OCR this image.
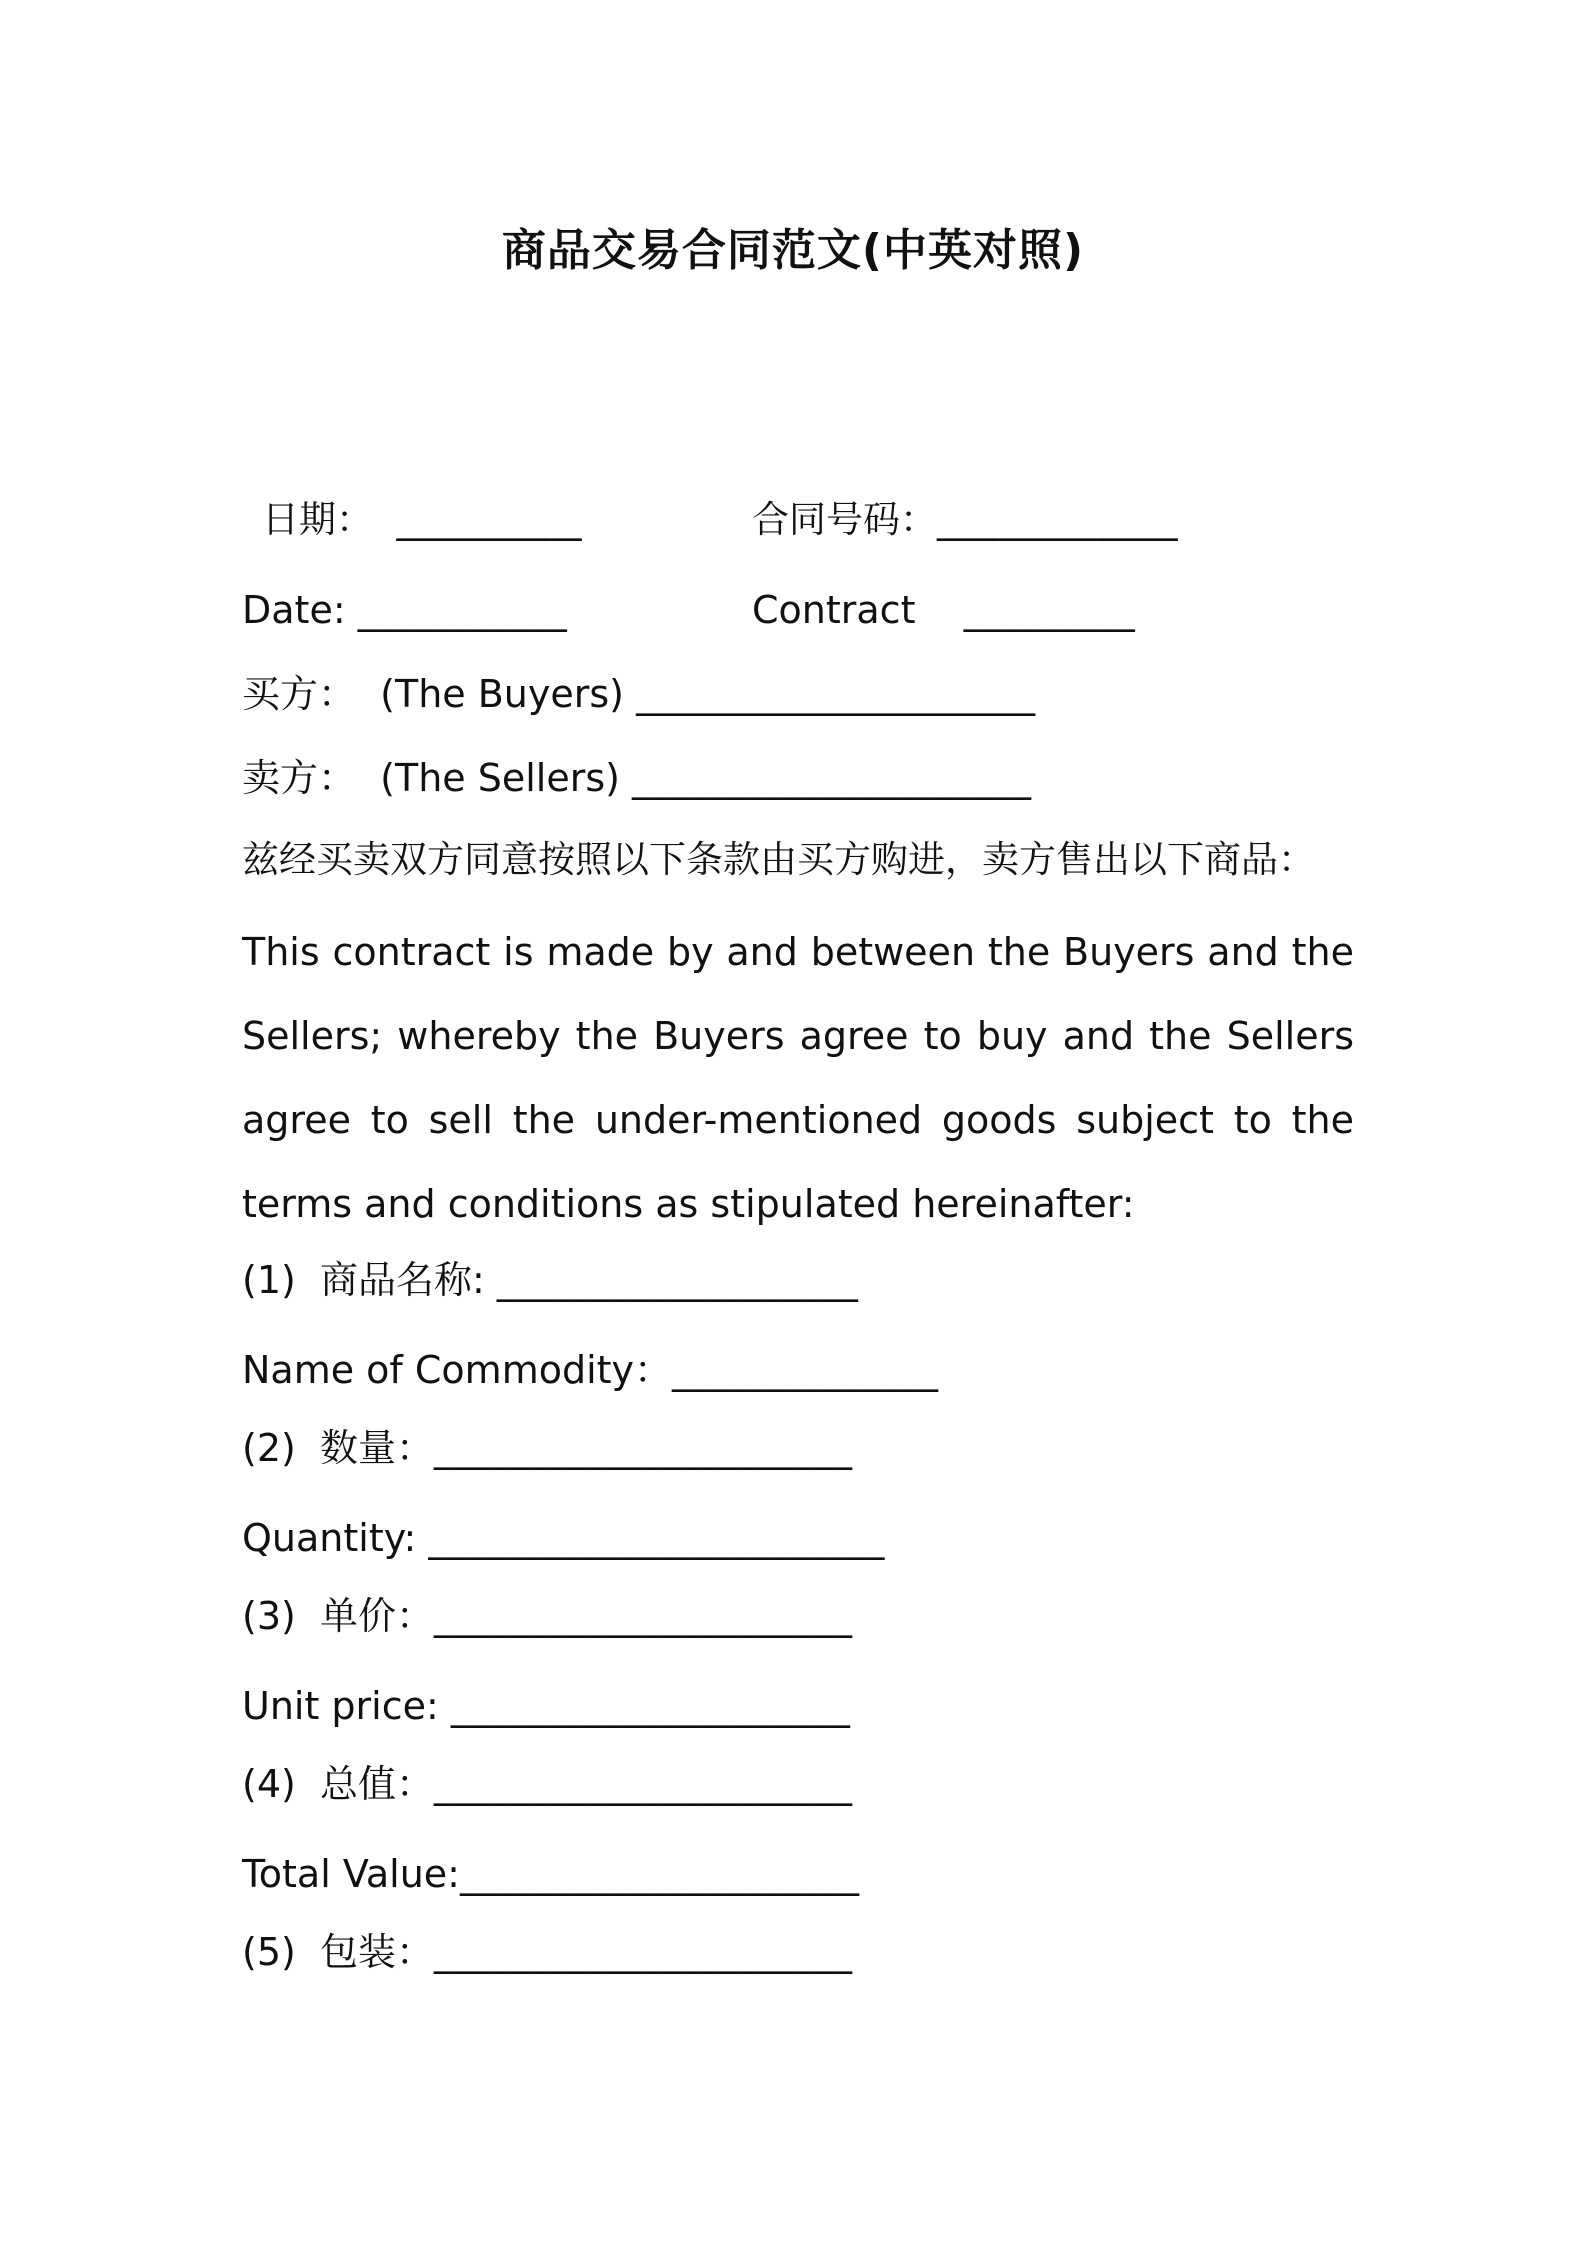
商品交易合同范文(中英对照)
日期：  __________	合同号码：_____________
Date: ___________	Contract    _________
买方：  (The Buyers) _____________________
卖方：  (The Sellers) _____________________
兹经买卖双方同意按照以下条款由买方购进，卖方售出以下商品：
This contract is made by and between the Buyers and the Sellers; whereby the Buyers agree to buy and the Sellers agree to sell the under-mentioned goods subject to the terms and conditions as stipulated hereinafter:
(1)  商品名称: ___________________
Name of Commodity：______________
(2)  数量：______________________
Quantity: ________________________
(3)  单价：______________________
Unit price: _____________________
(4)  总值：______________________
Total Value:_____________________
(5)  包装：______________________
